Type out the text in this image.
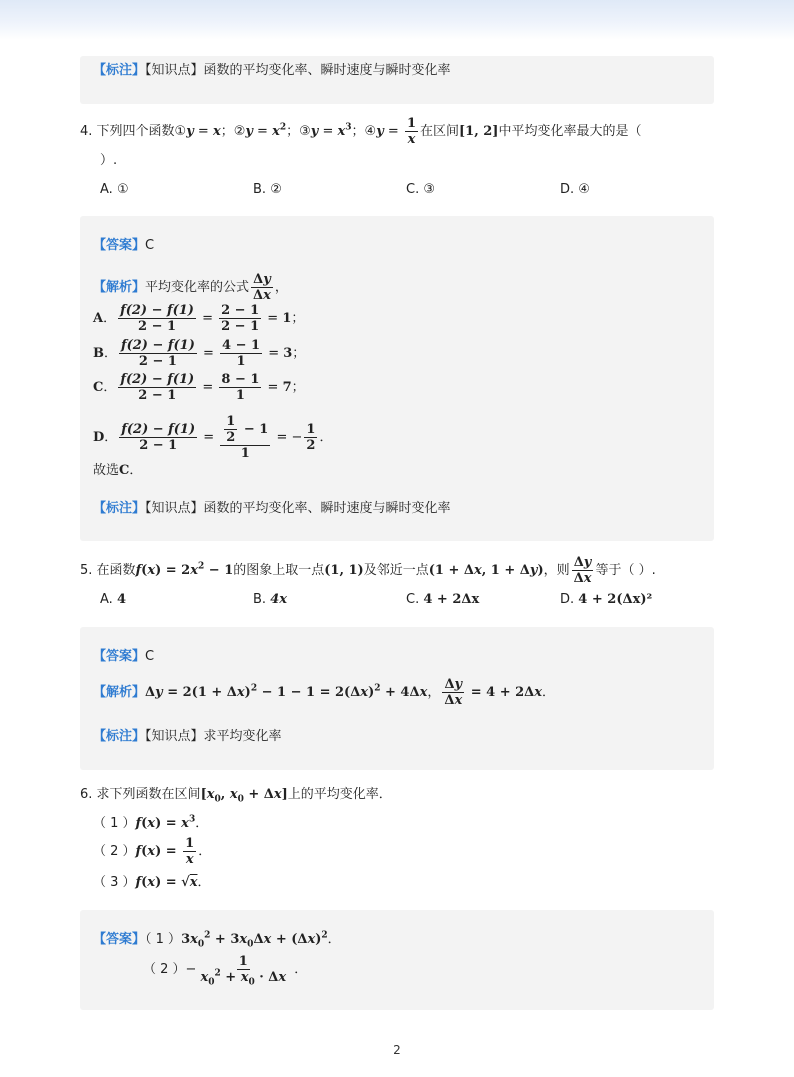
【标注】【知识点】函数的平均变化率、瞬时速度与瞬时变化率
4. 下列四个函数①y = x；②y = $x^2$；③y = $x^3$；④y = $\frac{1}{x}$ 在区间[1, 2]中平均变化率最大的是（
）.
A. ①	B. ②	C. ③	D. ④
【答案】C
【解析】平均变化率的公式 $\frac{\Delta y}{\Delta x}$ ，
A． $\frac{f(2) - f(1)}{2 - 1} = \frac{2 - 1}{2 - 1} = 1$；
B． $\frac{f(2) - f(1)}{2 - 1} = \frac{4 - 1}{1} = 3$；
C． $\frac{f(2) - f(1)}{2 - 1} = \frac{8 - 1}{1} = 7$；
D． $\frac{f(2) - f(1)}{2 - 1} = \frac{\frac{1}{2} - 1}{1}$ = − $\frac{1}{2}$ ．
故选C．
【标注】【知识点】函数的平均变化率、瞬时速度与瞬时变化率
5. 在函数$f(x) = 2x^2 - 1$的图象上取一点(1, 1)及邻近一点(1 + Δx, 1 + Δy)，则 $\frac{\Delta y}{\Delta x}$ 等于（ ）.
A. 4	B. 4x	C. 4 + 2Δx	D. 4 + 2(Δx)²
【答案】C
【解析】$\Delta y = 2(1 + \Delta x)^2 - 1 - 1 = 2(\Delta x)^2 + 4\Delta x$， $\frac{\Delta y}{\Delta x} = 4 + 2\Delta x$．
【标注】【知识点】求平均变化率
6. 求下列函数在区间[$x_0$, $x_0 + \Delta x$]上的平均变化率．
（ 1 ）$f(x) = x^3$．
（ 2 ）$f(x) = \frac{1}{x}$ ．
（ 3 ）f(x) = √x．
【答案】（ 1 ）$3x_0^2 + 3x_0\Delta x + (\Delta x)^2$．
（ 2 ）− $\frac{1}{x_0^2 + x_0 \cdot \Delta x}$ ．
2
